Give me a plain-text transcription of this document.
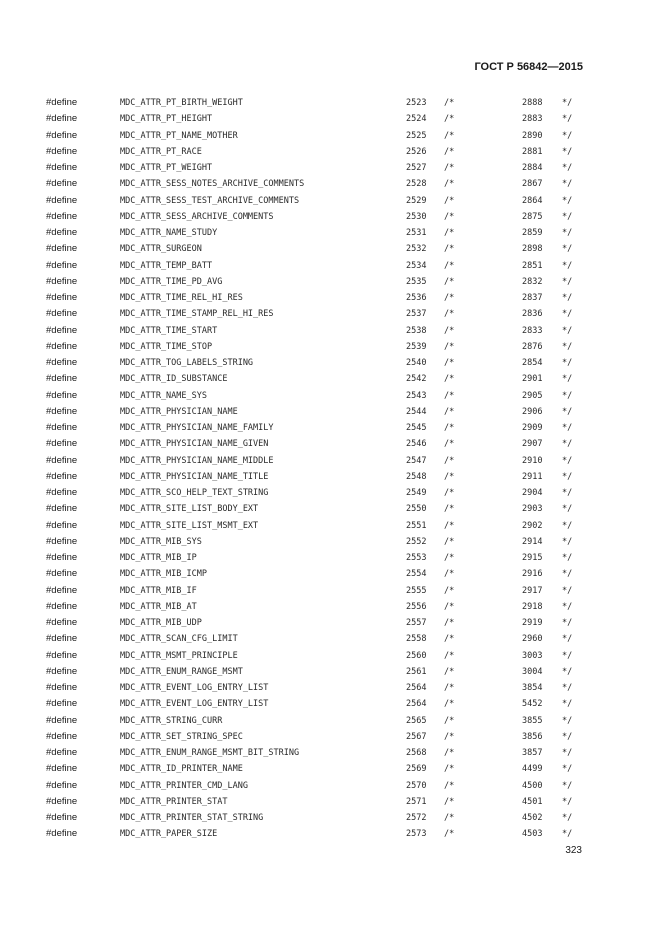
ГОСТ Р 56842—2015
#define	MDC_ATTR_PT_BIRTH_WEIGHT	2523 /*	2888 */
#define	MDC_ATTR_PT_HEIGHT	2524 /*	2883 */
#define	MDC_ATTR_PT_NAME_MOTHER	2525 /*	2890 */
#define	MDC_ATTR_PT_RACE	2526 /*	2881 */
#define	MDC_ATTR_PT_WEIGHT	2527 /*	2884 */
#define	MDC_ATTR_SESS_NOTES_ARCHIVE_COMMENTS	2528 /*	2867 */
#define	MDC_ATTR_SESS_TEST_ARCHIVE_COMMENTS	2529 /*	2864 */
#define	MDC_ATTR_SESS_ARCHIVE_COMMENTS	2530 /*	2875 */
#define	MDC_ATTR_NAME_STUDY	2531 /*	2859 */
#define	MDC_ATTR_SURGEON	2532 /*	2898 */
#define	MDC_ATTR_TEMP_BATT	2534 /*	2851 */
#define	MDC_ATTR_TIME_PD_AVG	2535 /*	2832 */
#define	MDC_ATTR_TIME_REL_HI_RES	2536 /*	2837 */
#define	MDC_ATTR_TIME_STAMP_REL_HI_RES	2537 /*	2836 */
#define	MDC_ATTR_TIME_START	2538 /*	2833 */
#define	MDC_ATTR_TIME_STOP	2539 /*	2876 */
#define	MDC_ATTR_TOG_LABELS_STRING	2540 /*	2854 */
#define	MDC_ATTR_ID_SUBSTANCE	2542 /*	2901 */
#define	MDC_ATTR_NAME_SYS	2543 /*	2905 */
#define	MDC_ATTR_PHYSICIAN_NAME	2544 /*	2906 */
#define	MDC_ATTR_PHYSICIAN_NAME_FAMILY	2545 /*	2909 */
#define	MDC_ATTR_PHYSICIAN_NAME_GIVEN	2546 /*	2907 */
#define	MDC_ATTR_PHYSICIAN_NAME_MIDDLE	2547 /*	2910 */
#define	MDC_ATTR_PHYSICIAN_NAME_TITLE	2548 /*	2911 */
#define	MDC_ATTR_SCO_HELP_TEXT_STRING	2549 /*	2904 */
#define	MDC_ATTR_SITE_LIST_BODY_EXT	2550 /*	2903 */
#define	MDC_ATTR_SITE_LIST_MSMT_EXT	2551 /*	2902 */
#define	MDC_ATTR_MIB_SYS	2552 /*	2914 */
#define	MDC_ATTR_MIB_IP	2553 /*	2915 */
#define	MDC_ATTR_MIB_ICMP	2554 /*	2916 */
#define	MDC_ATTR_MIB_IF	2555 /*	2917 */
#define	MDC_ATTR_MIB_AT	2556 /*	2918 */
#define	MDC_ATTR_MIB_UDP	2557 /*	2919 */
#define	MDC_ATTR_SCAN_CFG_LIMIT	2558 /*	2960 */
#define	MDC_ATTR_MSMT_PRINCIPLE	2560 /*	3003 */
#define	MDC_ATTR_ENUM_RANGE_MSMT	2561 /*	3004 */
#define	MDC_ATTR_EVENT_LOG_ENTRY_LIST	2564 /*	3854 */
#define	MDC_ATTR_EVENT_LOG_ENTRY_LIST	2564 /*	5452 */
#define	MDC_ATTR_STRING_CURR	2565 /*	3855 */
#define	MDC_ATTR_SET_STRING_SPEC	2567 /*	3856 */
#define	MDC_ATTR_ENUM_RANGE_MSMT_BIT_STRING	2568 /*	3857 */
#define	MDC_ATTR_ID_PRINTER_NAME	2569 /*	4499 */
#define	MDC_ATTR_PRINTER_CMD_LANG	2570 /*	4500 */
#define	MDC_ATTR_PRINTER_STAT	2571 /*	4501 */
#define	MDC_ATTR_PRINTER_STAT_STRING	2572 /*	4502 */
#define	MDC_ATTR_PAPER_SIZE	2573 /*	4503 */
323
